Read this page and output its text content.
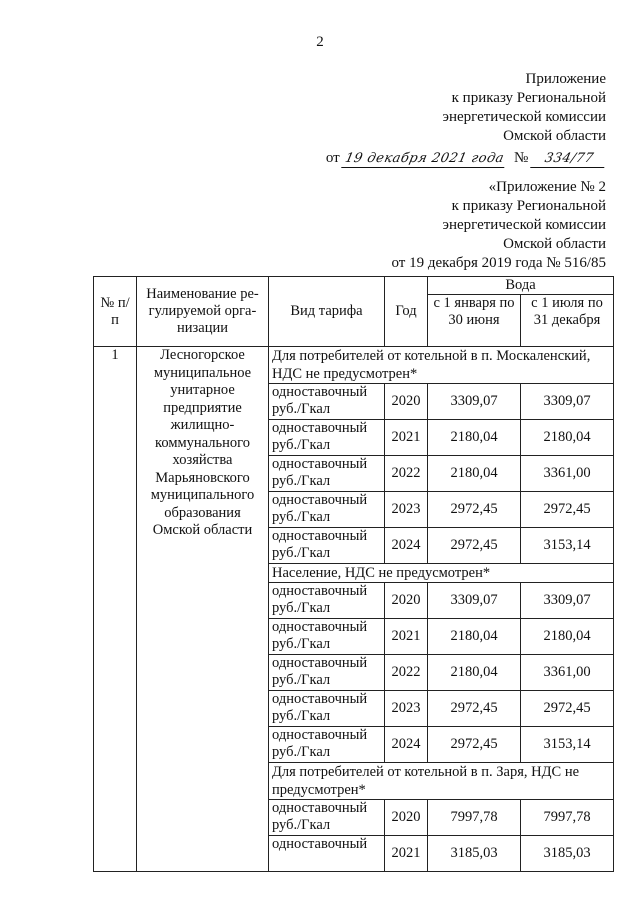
2
Приложение
к приказу Региональной
энергетической комиссии
Омской области
от 19 декабря 2021 года № 334/77
«Приложение № 2
к приказу Региональной
энергетической комиссии
Омской области
от 19 декабря 2019 года № 516/85
№ п/п	Наименование ре-гулируемой орга-низации	Вид тарифа	Год	Вода	
				с 1 января по 30 июня	с 1 июля по 31 декабря
1	Лесногорское муниципальное унитарное предприятие жилищно-коммунального хозяйства Марьяновского муниципального образования Омской области	Для потребителей от котельной в п. Москаленский, НДС не предусмотрен*			
		одноставочный руб./Гкал	2020	3309,07	3309,07
		одноставочный руб./Гкал	2021	2180,04	2180,04
		одноставочный руб./Гкал	2022	2180,04	3361,00
		одноставочный руб./Гкал	2023	2972,45	2972,45
		одноставочный руб./Гкал	2024	2972,45	3153,14
		Население, НДС не предусмотрен*			
		одноставочный руб./Гкал	2020	3309,07	3309,07
		одноставочный руб./Гкал	2021	2180,04	2180,04
		одноставочный руб./Гкал	2022	2180,04	3361,00
		одноставочный руб./Гкал	2023	2972,45	2972,45
		одноставочный руб./Гкал	2024	2972,45	3153,14
		Для потребителей от котельной в п. Заря, НДС не предусмотрен*			
		одноставочный руб./Гкал	2020	7997,78	7997,78
		одноставочный	2021	3185,03	3185,03
